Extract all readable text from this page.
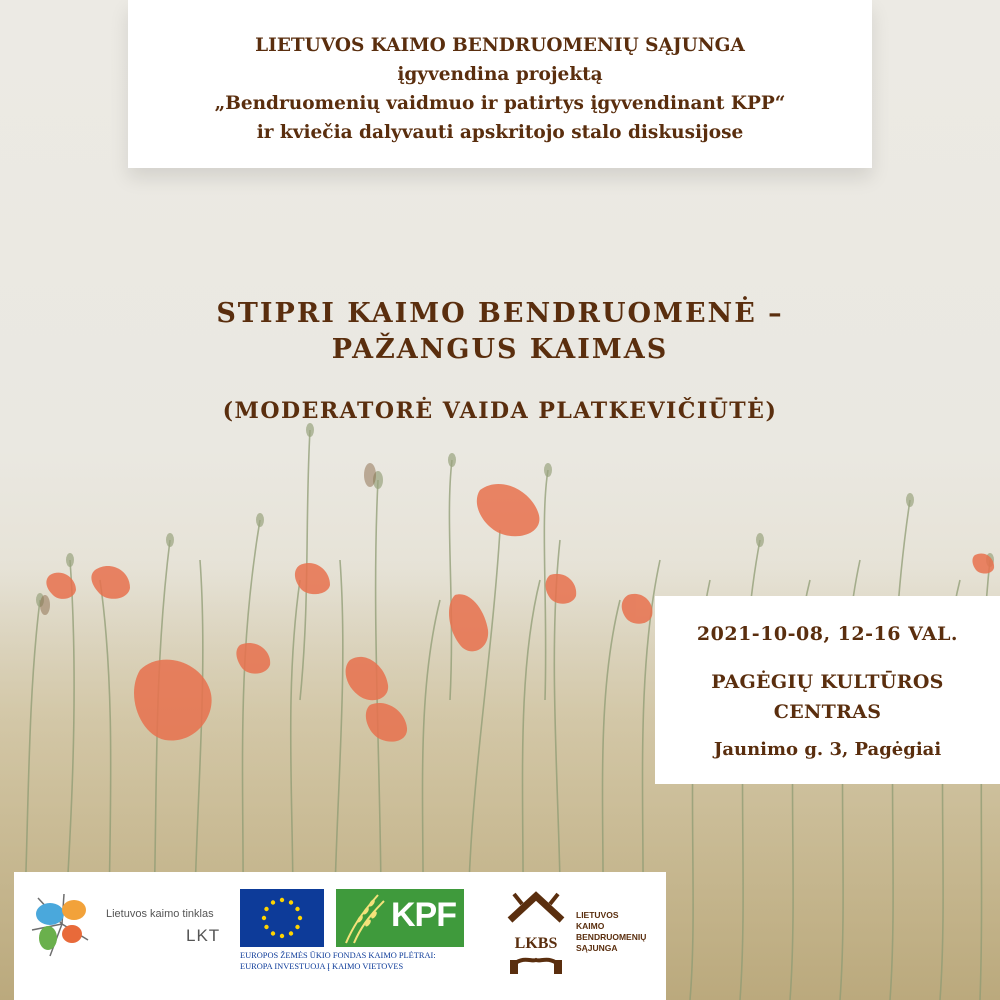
LIETUVOS KAIMO BENDRUOMENIŲ SĄJUNGA
įgyvendina projektą
„Bendruomenių vaidmuo ir patirtys įgyvendinant KPP“
ir kviečia dalyvauti apskritojo stalo diskusijose
STIPRI KAIMO BENDRUOMENĖ –
PAŽANGUS KAIMAS
(MODERATORĖ VAIDA PLATKEVIČIŪTĖ)
2021-10-08, 12-16 VAL.
PAGĖGIŲ KULTŪROS
CENTRAS
Jaunimo g. 3, Pagėgiai
Lietuvos kaimo tinklas
LKT
KPF
EUROPOS ŽEMĖS ŪKIO FONDAS KAIMO PLĖTRAI:
EUROPA INVESTUOJA Į KAIMO VIETOVES
LKBS
LIETUVOS
KAIMO
BENDRUOMENIŲ
SĄJUNGA
